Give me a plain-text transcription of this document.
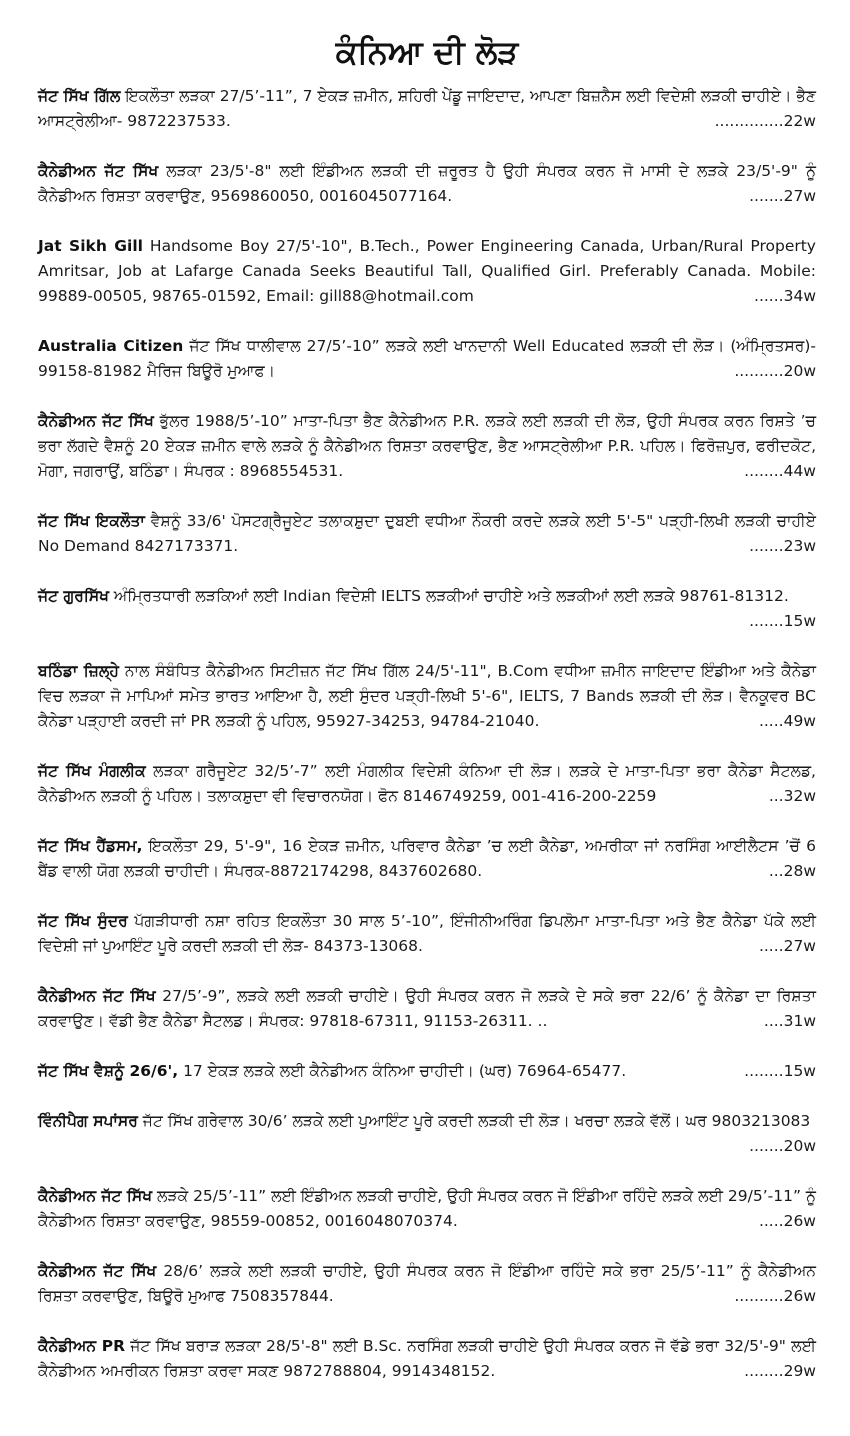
ਕੰਨਿਆ ਦੀ ਲੋੜ

ਜੱਟ ਸਿੱਖ ਗਿੱਲ ਇਕਲੌਤਾ ਲੜਕਾ 27/5’-11”, 7 ਏਕੜ ਜ਼ਮੀਨ, ਸ਼ਹਿਰੀ ਪੇਂਡੂ ਜਾਇਦਾਦ, ਆਪਣਾ ਬਿਜ਼ਨੈਸ ਲਈ ਵਿਦੇਸ਼ੀ ਲੜਕੀ ਚਾਹੀਏ। ਭੈਣ ਆਸਟ੍ਰੇਲੀਆ- 9872237533.	..............22w

ਕੈਨੇਡੀਅਨ ਜੱਟ ਸਿੱਖ ਲੜਕਾ 23/5'-8" ਲਈ ਇੰਡੀਅਨ ਲੜਕੀ ਦੀ ਜ਼ਰੂਰਤ ਹੈ ਉਹੀ ਸੰਪਰਕ ਕਰਨ ਜੋ ਮਾਸੀ ਦੇ ਲੜਕੇ 23/5'-9" ਨੂੰ ਕੈਨੇਡੀਅਨ ਰਿਸ਼ਤਾ ਕਰਵਾਉਣ, 9569860050, 0016045077164.	.......27w

Jat Sikh Gill Handsome Boy 27/5'-10", B.Tech., Power Engineering Canada, Urban/Rural Property Amritsar, Job at Lafarge Canada Seeks Beautiful Tall, Qualified Girl. Preferably Canada. Mobile: 99889-00505, 98765-01592, Email: gill88@hotmail.com	......34w

Australia Citizen ਜੱਟ ਸਿੱਖ ਧਾਲੀਵਾਲ 27/5’-10” ਲੜਕੇ ਲਈ ਖਾਨਦਾਨੀ Well Educated ਲੜਕੀ ਦੀ ਲੋੜ। (ਅੰਮ੍ਰਿਤਸਰ)- 99158-81982 ਮੈਰਿਜ ਬਿਊਰੋ ਮੁਆਫ।	..........20w

ਕੈਨੇਡੀਅਨ ਜੱਟ ਸਿੱਖ ਭੁੱਲਰ 1988/5’-10” ਮਾਤਾ-ਪਿਤਾ ਭੈਣ ਕੈਨੇਡੀਅਨ P.R. ਲੜਕੇ ਲਈ ਲੜਕੀ ਦੀ ਲੋੜ, ਉਹੀ ਸੰਪਰਕ ਕਰਨ ਰਿਸ਼ਤੇ ’ਚ ਭਰਾ ਲੱਗਦੇ ਵੈਸ਼ਨੂੰ 20 ਏਕੜ ਜ਼ਮੀਨ ਵਾਲੇ ਲੜਕੇ ਨੂੰ ਕੈਨੇਡੀਅਨ ਰਿਸ਼ਤਾ ਕਰਵਾਉਣ, ਭੈਣ ਆਸਟ੍ਰੇਲੀਆ P.R. ਪਹਿਲ। ਫਿਰੋਜ਼ਪੁਰ, ਫਰੀਦਕੋਟ, ਮੋਗਾ, ਜਗਰਾਉਂ, ਬਠਿੰਡਾ। ਸੰਪਰਕ : 8968554531.	........44w

ਜੱਟ ਸਿੱਖ ਇਕਲੌਤਾ ਵੈਸ਼ਨੂੰ 33/6' ਪੋਸਟਗ੍ਰੈਜੂਏਟ ਤਲਾਕਸ਼ੁਦਾ ਦੁਬਈ ਵਧੀਆ ਨੌਕਰੀ ਕਰਦੇ ਲੜਕੇ ਲਈ 5'-5" ਪੜ੍ਹੀ-ਲਿਖੀ ਲੜਕੀ ਚਾਹੀਏ No Demand 8427173371.	.......23w

ਜੱਟ ਗੁਰਸਿੱਖ ਅੰਮ੍ਰਿਤਧਾਰੀ ਲੜਕਿਆਂ ਲਈ Indian ਵਿਦੇਸ਼ੀ IELTS ਲੜਕੀਆਂ ਚਾਹੀਏ ਅਤੇ ਲੜਕੀਆਂ ਲਈ ਲੜਕੇ 98761-81312.
.......15w

ਬਠਿੰਡਾ ਜ਼ਿਲ੍ਹੇ ਨਾਲ ਸੰਬੰਧਿਤ ਕੈਨੇਡੀਅਨ ਸਿਟੀਜ਼ਨ ਜੱਟ ਸਿੱਖ ਗਿੱਲ 24/5'-11", B.Com ਵਧੀਆ ਜ਼ਮੀਨ ਜਾਇਦਾਦ ਇੰਡੀਆ ਅਤੇ ਕੈਨੇਡਾ ਵਿਚ ਲੜਕਾ ਜੋ ਮਾਪਿਆਂ ਸਮੇਤ ਭਾਰਤ ਆਇਆ ਹੈ, ਲਈ ਸੁੰਦਰ ਪੜ੍ਹੀ-ਲਿਖੀ 5'-6", IELTS, 7 Bands ਲੜਕੀ ਦੀ ਲੋੜ। ਵੈਨਕੂਵਰ BC ਕੈਨੇਡਾ ਪੜ੍ਹਾਈ ਕਰਦੀ ਜਾਂ PR ਲੜਕੀ ਨੂੰ ਪਹਿਲ, 95927-34253, 94784-21040.	.....49w

ਜੱਟ ਸਿੱਖ ਮੰਗਲੀਕ ਲੜਕਾ ਗਰੈਜੂਏਟ 32/5’-7” ਲਈ ਮੰਗਲੀਕ ਵਿਦੇਸ਼ੀ ਕੰਨਿਆ ਦੀ ਲੋੜ। ਲੜਕੇ ਦੇ ਮਾਤਾ-ਪਿਤਾ ਭਰਾ ਕੈਨੇਡਾ ਸੈਟਲਡ, ਕੈਨੇਡੀਅਨ ਲੜਕੀ ਨੂੰ ਪਹਿਲ। ਤਲਾਕਸ਼ੁਦਾ ਵੀ ਵਿਚਾਰਨਯੋਗ। ਫੋਨ 8146749259, 001-416-200-2259	...32w

ਜੱਟ ਸਿੱਖ ਹੈਂਡਸਮ, ਇਕਲੌਤਾ 29, 5'-9", 16 ਏਕੜ ਜ਼ਮੀਨ, ਪਰਿਵਾਰ ਕੈਨੇਡਾ ’ਚ ਲਈ ਕੈਨੇਡਾ, ਅਮਰੀਕਾ ਜਾਂ ਨਰਸਿੰਗ ਆਈਲੈਟਸ ’ਚੋਂ 6 ਬੈਂਡ ਵਾਲੀ ਯੋਗ ਲੜਕੀ ਚਾਹੀਦੀ। ਸੰਪਰਕ-8872174298, 8437602680.	...28w

ਜੱਟ ਸਿੱਖ ਸੁੰਦਰ ਪੱਗੜੀਧਾਰੀ ਨਸ਼ਾ ਰਹਿਤ ਇਕਲੌਤਾ 30 ਸਾਲ 5’-10”, ਇੰਜੀਨੀਅਰਿੰਗ ਡਿਪਲੋਮਾ ਮਾਤਾ-ਪਿਤਾ ਅਤੇ ਭੈਣ ਕੈਨੇਡਾ ਪੱਕੇ ਲਈ ਵਿਦੇਸ਼ੀ ਜਾਂ ਪੁਆਇੰਟ ਪੂਰੇ ਕਰਦੀ ਲੜਕੀ ਦੀ ਲੋੜ- 84373-13068.	.....27w

ਕੈਨੇਡੀਅਨ ਜੱਟ ਸਿੱਖ 27/5’-9”, ਲੜਕੇ ਲਈ ਲੜਕੀ ਚਾਹੀਏ। ਉਹੀ ਸੰਪਰਕ ਕਰਨ ਜੋ ਲੜਕੇ ਦੇ ਸਕੇ ਭਰਾ 22/6’ ਨੂੰ ਕੈਨੇਡਾ ਦਾ ਰਿਸ਼ਤਾ ਕਰਵਾਉਣ। ਵੱਡੀ ਭੈਣ ਕੈਨੇਡਾ ਸੈਟਲਡ। ਸੰਪਰਕ: 97818-67311, 91153-26311. ..	....31w

ਜੱਟ ਸਿੱਖ ਵੈਸ਼ਨੂੰ 26/6', 17 ਏਕੜ ਲੜਕੇ ਲਈ ਕੈਨੇਡੀਅਨ ਕੰਨਿਆ ਚਾਹੀਦੀ। (ਘਰ) 76964-65477.	........15w

ਵਿੰਨੀਪੈਗ ਸਪਾਂਸਰ ਜੱਟ ਸਿੱਖ ਗਰੇਵਾਲ 30/6’ ਲੜਕੇ ਲਈ ਪੁਆਇੰਟ ਪੂਰੇ ਕਰਦੀ ਲੜਕੀ ਦੀ ਲੋੜ। ਖਰਚਾ ਲੜਕੇ ਵੱਲੋਂ। ਘਰ 9803213083
.......20w

ਕੈਨੇਡੀਅਨ ਜੱਟ ਸਿੱਖ ਲੜਕੇ 25/5’-11” ਲਈ ਇੰਡੀਅਨ ਲੜਕੀ ਚਾਹੀਏ, ਉਹੀ ਸੰਪਰਕ ਕਰਨ ਜੋ ਇੰਡੀਆ ਰਹਿੰਦੇ ਲੜਕੇ ਲਈ 29/5’-11” ਨੂੰ ਕੈਨੇਡੀਅਨ ਰਿਸ਼ਤਾ ਕਰਵਾਉਣ, 98559-00852, 0016048070374.	.....26w

ਕੈਨੇਡੀਅਨ ਜੱਟ ਸਿੱਖ 28/6’ ਲੜਕੇ ਲਈ ਲੜਕੀ ਚਾਹੀਏ, ਉਹੀ ਸੰਪਰਕ ਕਰਨ ਜੋ ਇੰਡੀਆ ਰਹਿੰਦੇ ਸਕੇ ਭਰਾ 25/5’-11” ਨੂੰ ਕੈਨੇਡੀਅਨ ਰਿਸ਼ਤਾ ਕਰਵਾਉਣ, ਬਿਊਰੋ ਮੁਆਫ 7508357844.	..........26w

ਕੈਨੇਡੀਅਨ PR ਜੱਟ ਸਿੱਖ ਬਰਾੜ ਲੜਕਾ 28/5'-8" ਲਈ B.Sc. ਨਰਸਿੰਗ ਲੜਕੀ ਚਾਹੀਏ ਉਹੀ ਸੰਪਰਕ ਕਰਨ ਜੋ ਵੱਡੇ ਭਰਾ 32/5'-9" ਲਈ ਕੈਨੇਡੀਅਨ ਅਮਰੀਕਨ ਰਿਸ਼ਤਾ ਕਰਵਾ ਸਕਣ 9872788804, 9914348152.	........29w
